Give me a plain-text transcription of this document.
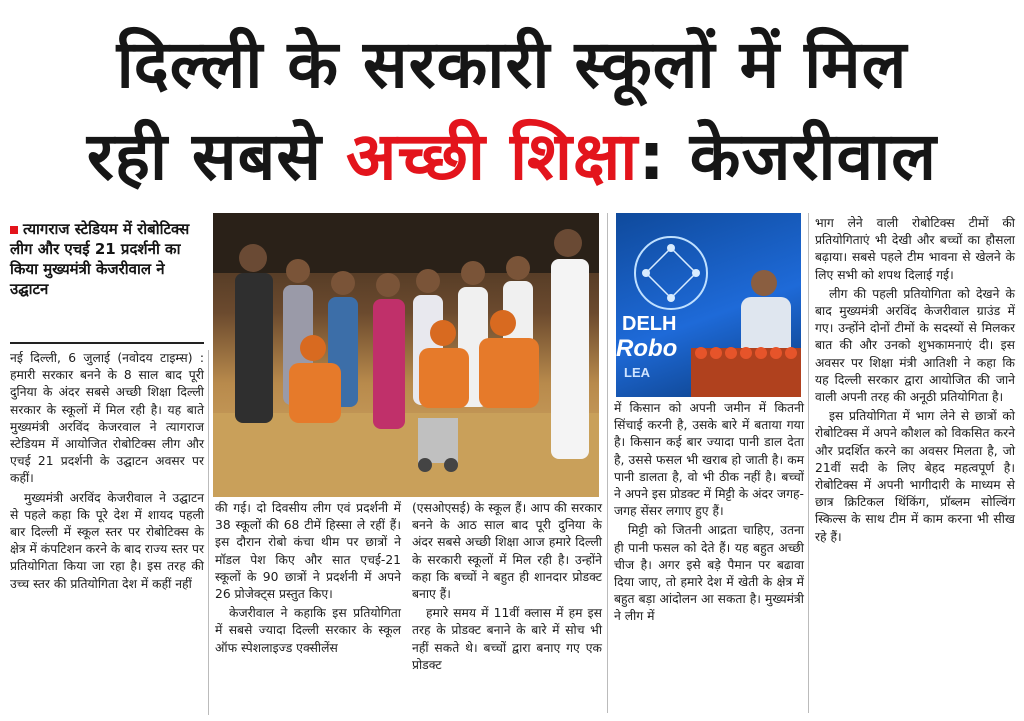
दिल्ली के सरकारी स्कूलों में मिल
रही सबसे अच्छी शिक्षा: केजरीवाल
त्यागराज स्टेडियम में रोबोटिक्स लीग और एचई 21 प्रदर्शनी का किया मुख्यमंत्री केजरीवाल ने उद्घाटन
DELH
Robo
LEA

नई दिल्ली, 6 जुलाई (नवोदय टाइम्स) : हमारी सरकार बनने के 8 साल बाद पूरी दुनिया के अंदर सबसे अच्छी शिक्षा दिल्ली सरकार के स्कूलों में मिल रही है। यह बाते मुख्यमंत्री अरविंद केजरवाल ने त्यागराज स्टेडियम में आयोजित रोबोटिक्स लीग और एचई 21 प्रदर्शनी के उद्घाटन अवसर पर कहीं।

मुख्यमंत्री अरविंद केजरीवाल ने उद्घाटन से पहले कहा कि पूरे देश में शायद पहली बार दिल्ली में स्कूल स्तर पर रोबोटिक्स के क्षेत्र में कंपटिशन करने के बाद राज्य स्तर पर प्रतियोगिता किया जा रहा है। इस तरह की उच्च स्तर की प्रतियोगिता देश में कहीं नहीं

की गई। दो दिवसीय लीग एवं प्रदर्शनी में 38 स्कूलों की 68 टीमें हिस्सा ले रहीं हैं। इस दौरान रोबो कंचा थीम पर छात्रों ने मॉडल पेश किए और सात एचई-21 स्कूलों के 90 छात्रों ने प्रदर्शनी में अपने 26 प्रोजेक्ट्स प्रस्तुत किए।

केजरीवाल ने कहाकि इस प्रतियोगिता में सबसे ज्यादा दिल्ली सरकार के स्कूल ऑफ स्पेशलाइज्ड एक्सीलेंस

(एसओएसई) के स्कूल हैं। आप की सरकार बनने के आठ साल बाद पूरी दुनिया के अंदर सबसे अच्छी शिक्षा आज हमारे दिल्ली के सरकारी स्कूलों में मिल रही है। उन्होंने कहा कि बच्चों ने बहुत ही शानदार प्रोडक्ट बनाए हैं।

हमारे समय में 11वीं क्लास में हम इस तरह के प्रोडक्ट बनाने के बारे में सोच भी नहीं सकते थे। बच्चों द्वारा बनाए गए एक प्रोडक्ट

में किसान को अपनी जमीन में कितनी सिंचाई करनी है, उसके बारे में बताया गया है। किसान कई बार ज्यादा पानी डाल देता है, उससे फसल भी खराब हो जाती है। कम पानी डालता है, वो भी ठीक नहीं है। बच्चों ने अपने इस प्रोडक्ट में मिट्टी के अंदर जगह-जगह सेंसर लगाए हुए हैं।

मिट्टी को जितनी आद्रता चाहिए, उतना ही पानी फसल को देते हैं। यह बहुत अच्छी चीज है। अगर इसे बड़े पैमान पर बढावा दिया जाए, तो हमारे देश में खेती के क्षेत्र में बहुत बड़ा आंदोलन आ सकता है। मुख्यमंत्री ने लीग में

भाग लेने वाली रोबोटिक्स टीमों की प्रतियोगिताएं भी देखी और बच्चों का हौसला बढ़ाया। सबसे पहले टीम भावना से खेलने के लिए सभी को शपथ दिलाई गई।

लीग की पहली प्रतियोगिता को देखने के बाद मुख्यमंत्री अरविंद केजरीवाल ग्राउंड में गए। उन्होंने दोनों टीमों के सदस्यों से मिलकर बात की और उनको शुभकामनाएं दी। इस अवसर पर शिक्षा मंत्री आतिशी ने कहा कि यह दिल्ली सरकार द्वारा आयोजित की जाने वाली अपनी तरह की अनूठी प्रतियोगिता है।

इस प्रतियोगिता में भाग लेने से छात्रों को रोबोटिक्स में अपने कौशल को विकसित करने और प्रदर्शित करने का अवसर मिलता है, जो 21वीं सदी के लिए बेहद महत्वपूर्ण है। रोबोटिक्स में अपनी भागीदारी के माध्यम से छात्र क्रिटिकल थिंकिंग, प्रॉब्लम सोल्विंग स्किल्स के साथ टीम में काम करना भी सीख रहे हैं।
